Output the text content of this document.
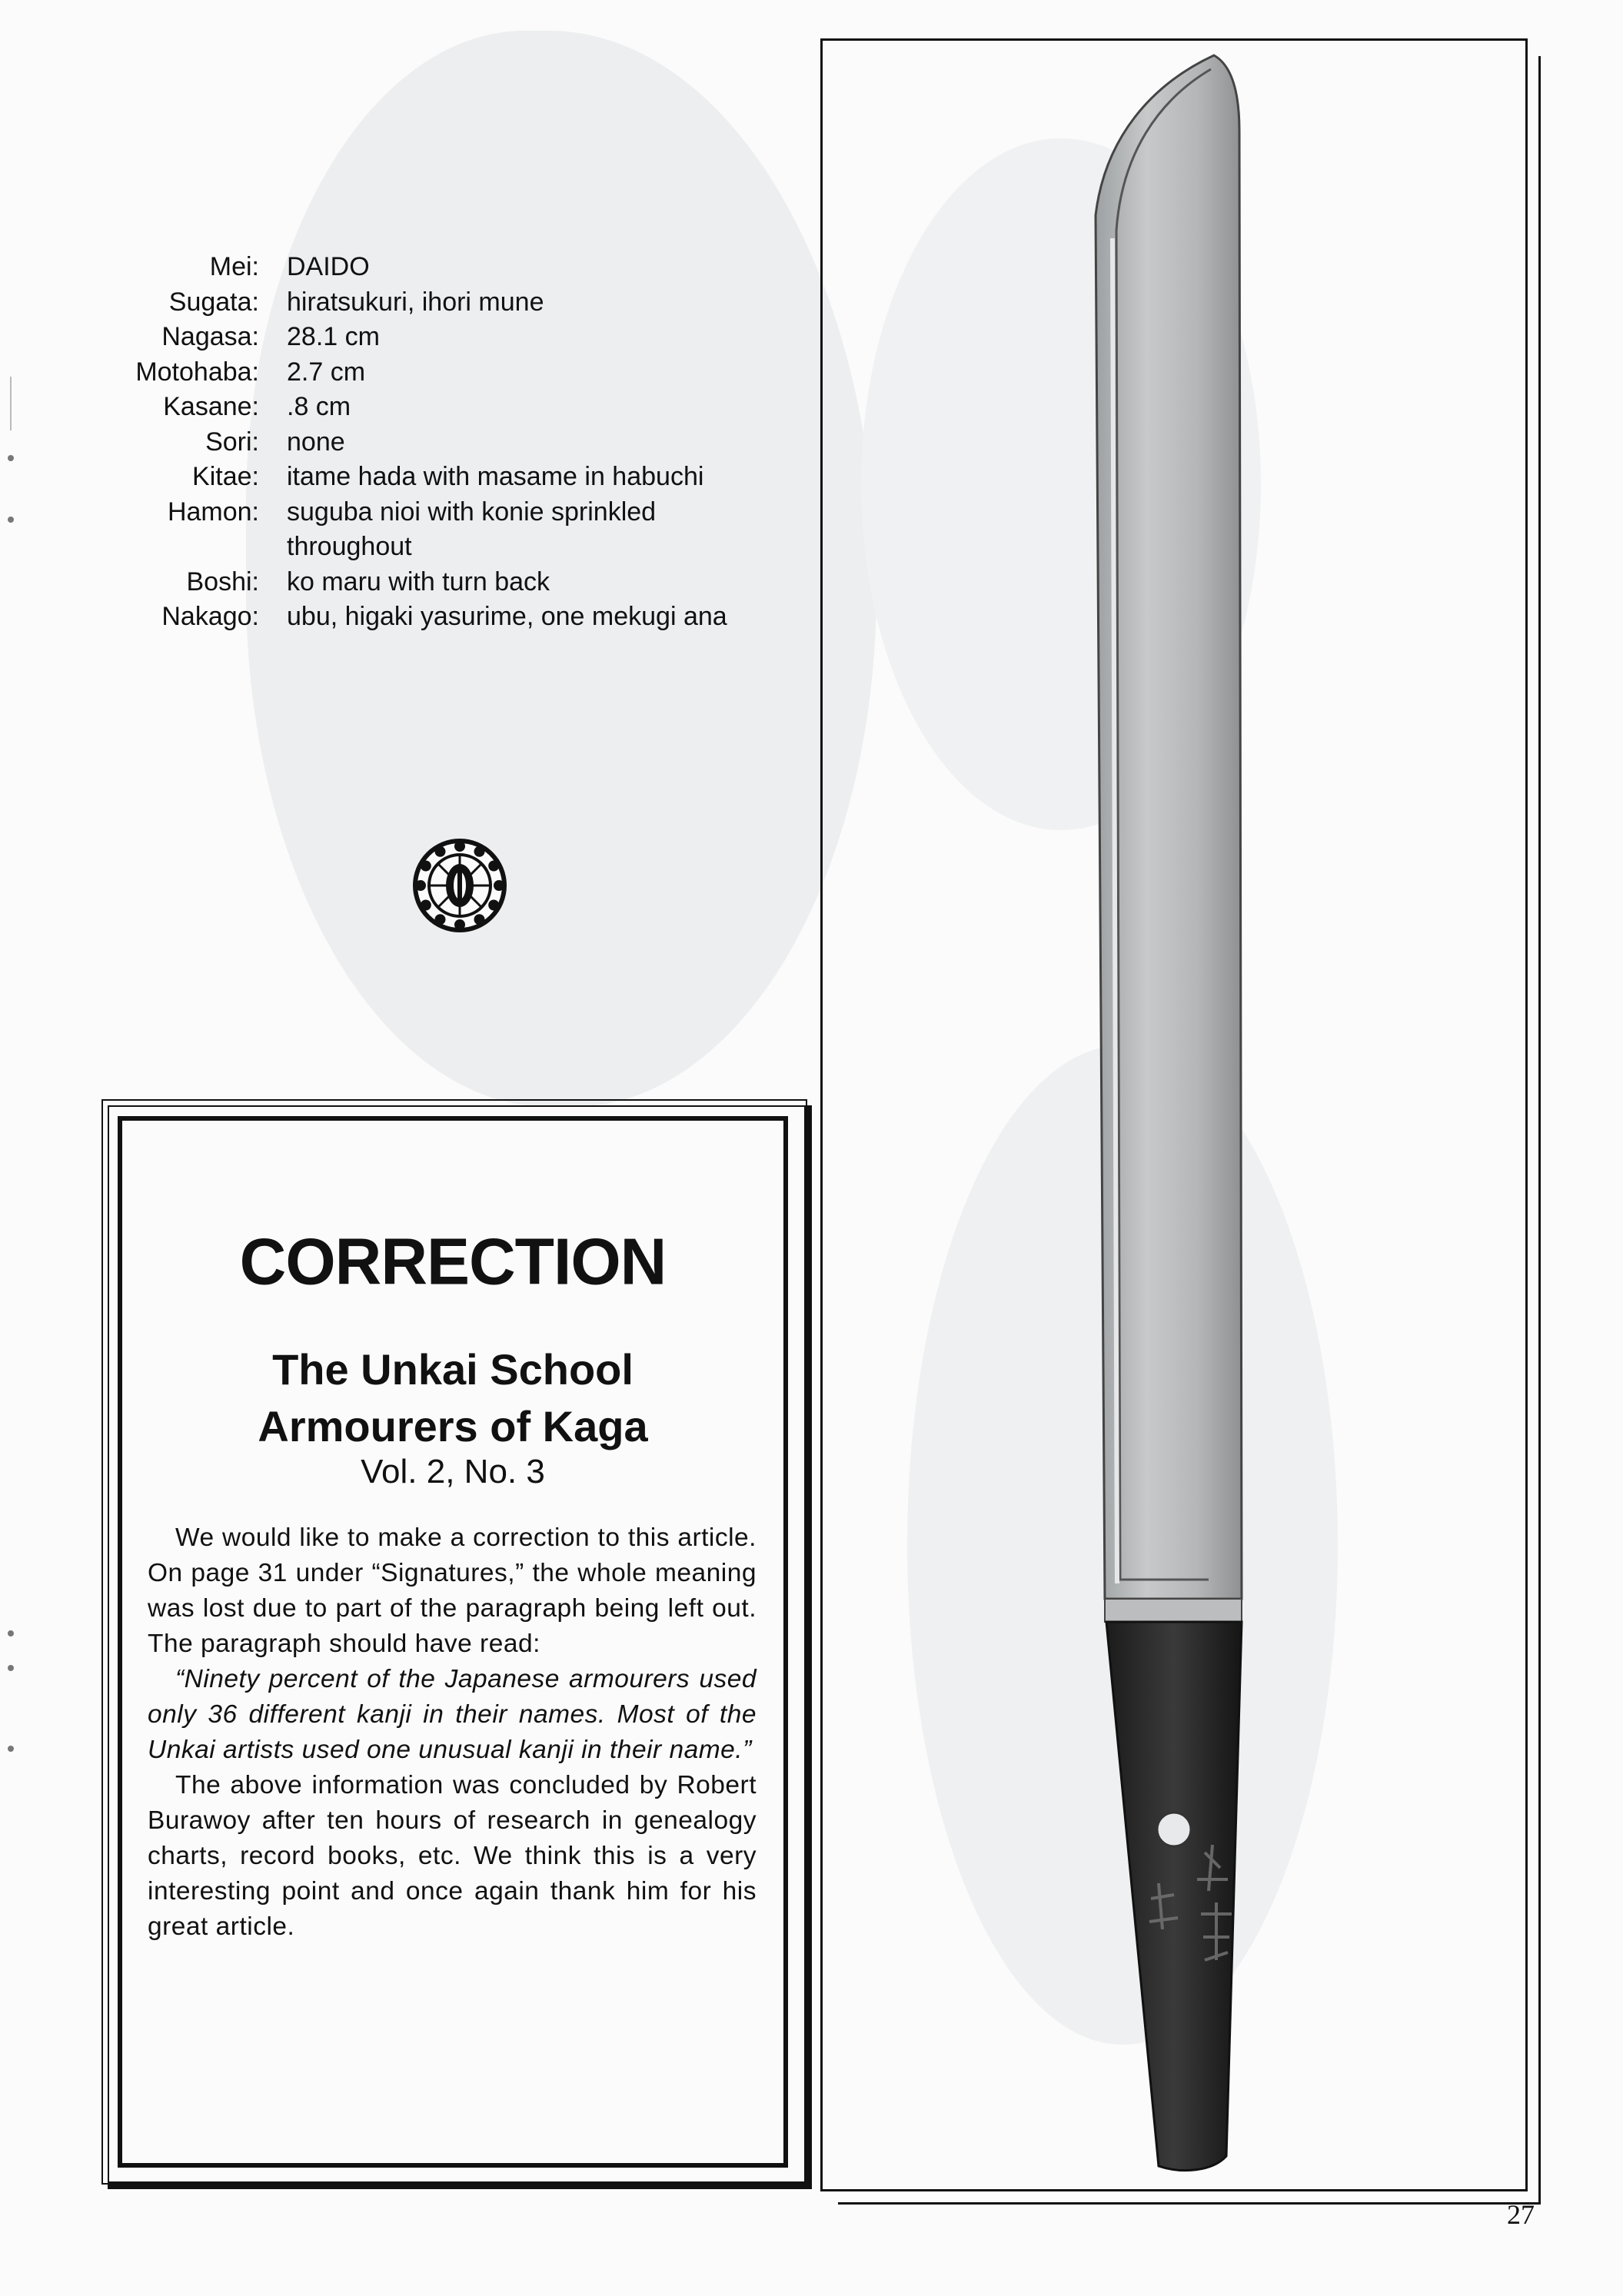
Mei: DAIDO
Sugata: hiratsukuri, ihori mune
Nagasa: 28.1 cm
Motohaba: 2.7 cm
Kasane: .8 cm
Sori: none
Kitae: itame hada with masame in habuchi
Hamon: suguba nioi with konie sprinkled throughout
Boshi: ko maru with turn back
Nakago: ubu, higaki yasurime, one mekugi ana
CORRECTION
The Unkai School
Armourers of Kaga
Vol. 2, No. 3

We would like to make a correction to this article. On page 31 under “Signatures,” the whole meaning was lost due to part of the paragraph being left out. The paragraph should have read:

“Ninety percent of the Japanese armourers used only 36 different kanji in their names. Most of the Unkai artists used one unusual kanji in their name.”

The above information was concluded by Robert Burawoy after ten hours of research in genealogy charts, record books, etc. We think this is a very interesting point and once again thank him for his great article.

27
